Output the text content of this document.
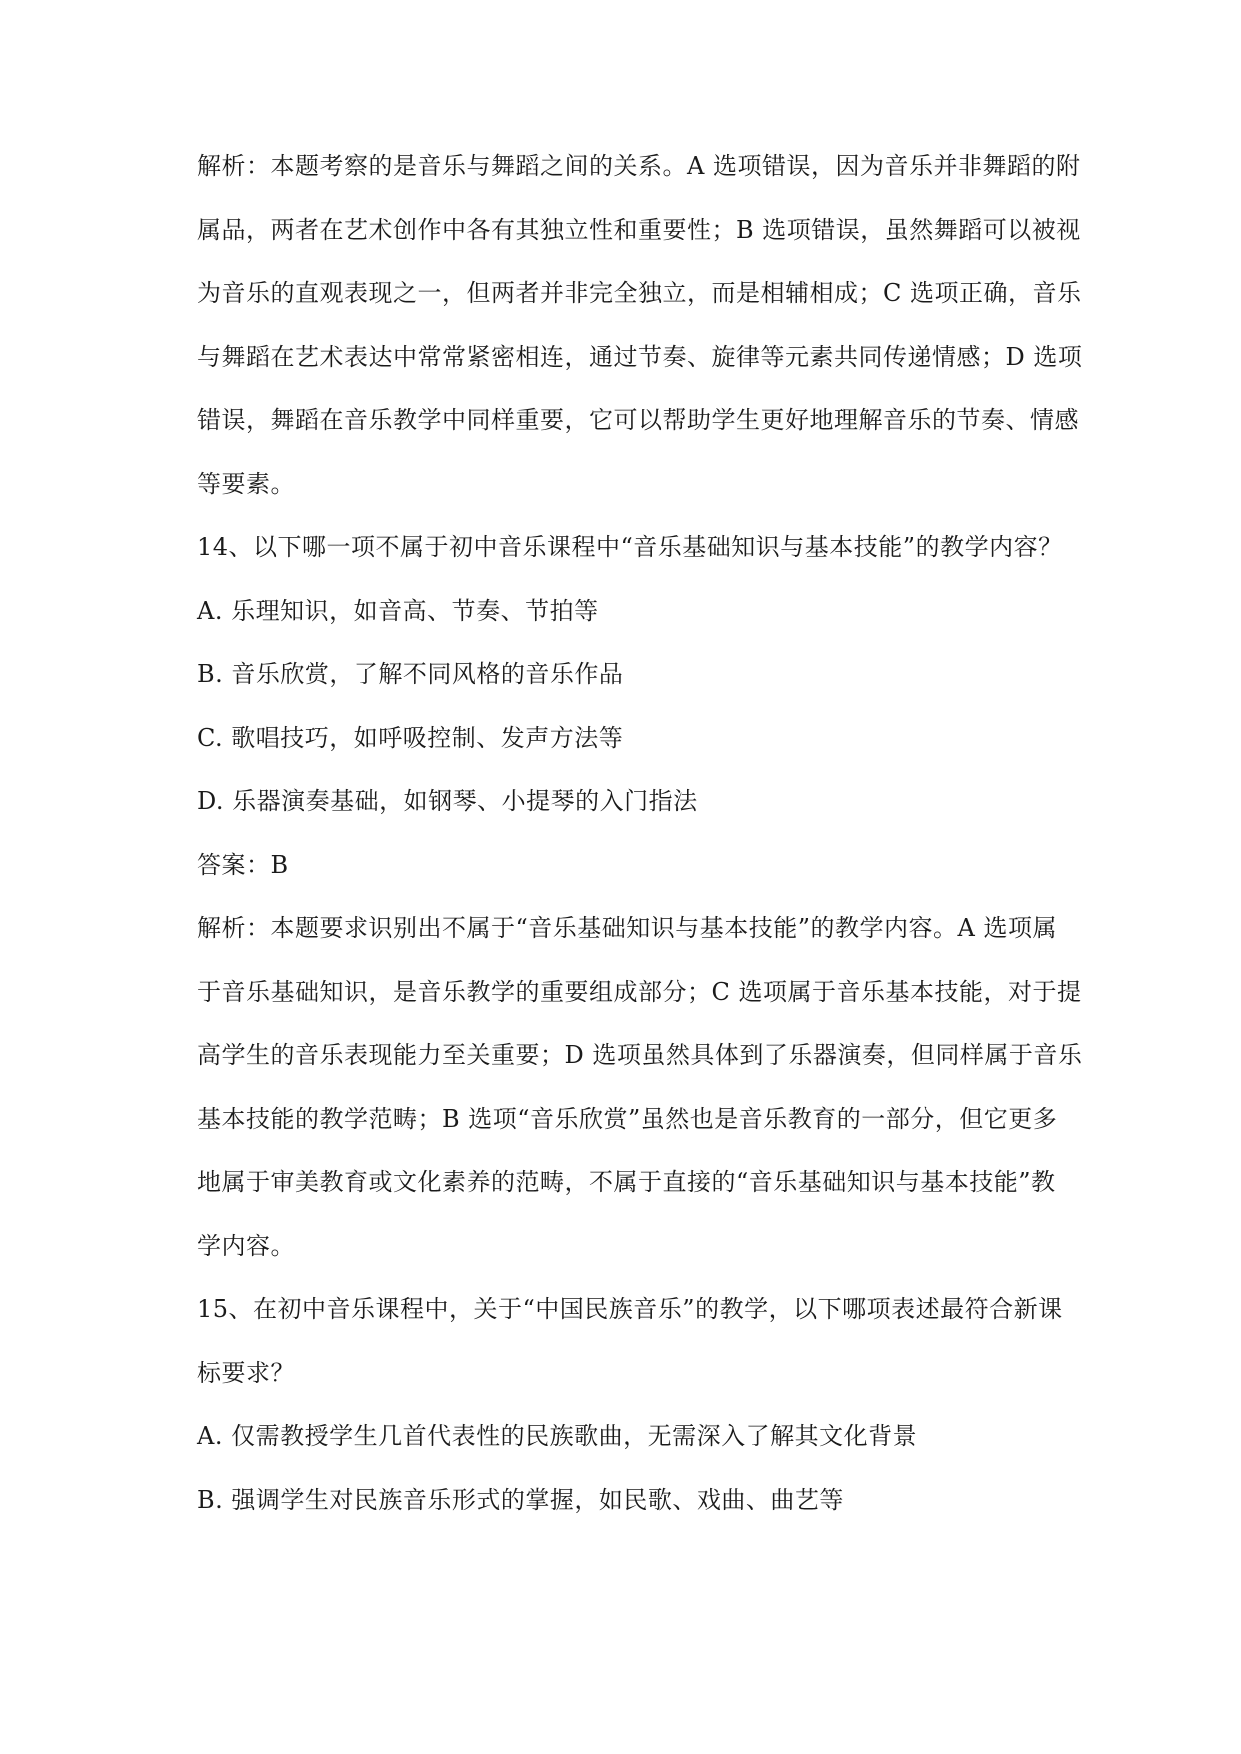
解析：本题考察的是音乐与舞蹈之间的关系。A 选项错误，因为音乐并非舞蹈的附
属品，两者在艺术创作中各有其独立性和重要性；B 选项错误，虽然舞蹈可以被视
为音乐的直观表现之一，但两者并非完全独立，而是相辅相成；C 选项正确，音乐
与舞蹈在艺术表达中常常紧密相连，通过节奏、旋律等元素共同传递情感；D 选项
错误，舞蹈在音乐教学中同样重要，它可以帮助学生更好地理解音乐的节奏、情感
等要素。
14、以下哪一项不属于初中音乐课程中“音乐基础知识与基本技能”的教学内容？
A. 乐理知识，如音高、节奏、节拍等
B. 音乐欣赏，了解不同风格的音乐作品
C. 歌唱技巧，如呼吸控制、发声方法等
D. 乐器演奏基础，如钢琴、小提琴的入门指法
答案：B
解析：本题要求识别出不属于“音乐基础知识与基本技能”的教学内容。A 选项属
于音乐基础知识，是音乐教学的重要组成部分；C 选项属于音乐基本技能，对于提
高学生的音乐表现能力至关重要；D 选项虽然具体到了乐器演奏，但同样属于音乐
基本技能的教学范畴；B 选项“音乐欣赏”虽然也是音乐教育的一部分，但它更多
地属于审美教育或文化素养的范畴，不属于直接的“音乐基础知识与基本技能”教
学内容。
15、在初中音乐课程中，关于“中国民族音乐”的教学，以下哪项表述最符合新课
标要求？
A. 仅需教授学生几首代表性的民族歌曲，无需深入了解其文化背景
B. 强调学生对民族音乐形式的掌握，如民歌、戏曲、曲艺等
